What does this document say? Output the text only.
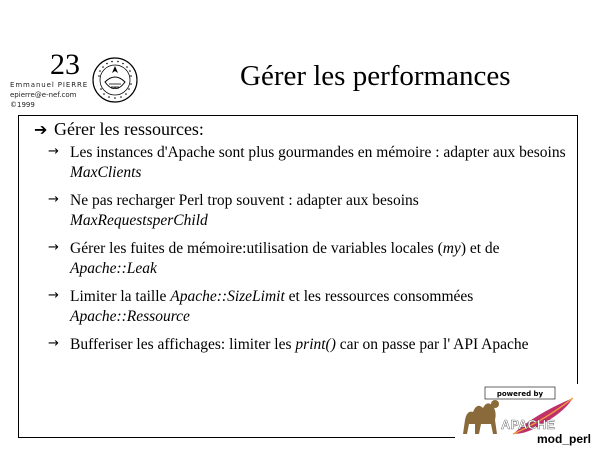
23
Emmanuel PIERRE
epierre@e-nef.com
©1999
Gérer les performances
➔ Gérer les ressources:
→ Les instances d'Apache sont plus gourmandes en mémoire : adapter aux besoins MaxClients

→ Ne pas recharger Perl trop souvent : adapter aux besoins
MaxRequestsperChild

→ Gérer les fuites de mémoire:utilisation de variables locales (my) et de
Apache::Leak

→ Limiter la taille Apache::SizeLimit et les ressources consommées
Apache::Ressource

→ Bufferiser les affichages: limiter les print() car on passe par l' API Apache

powered by
APACHE
mod_perl
